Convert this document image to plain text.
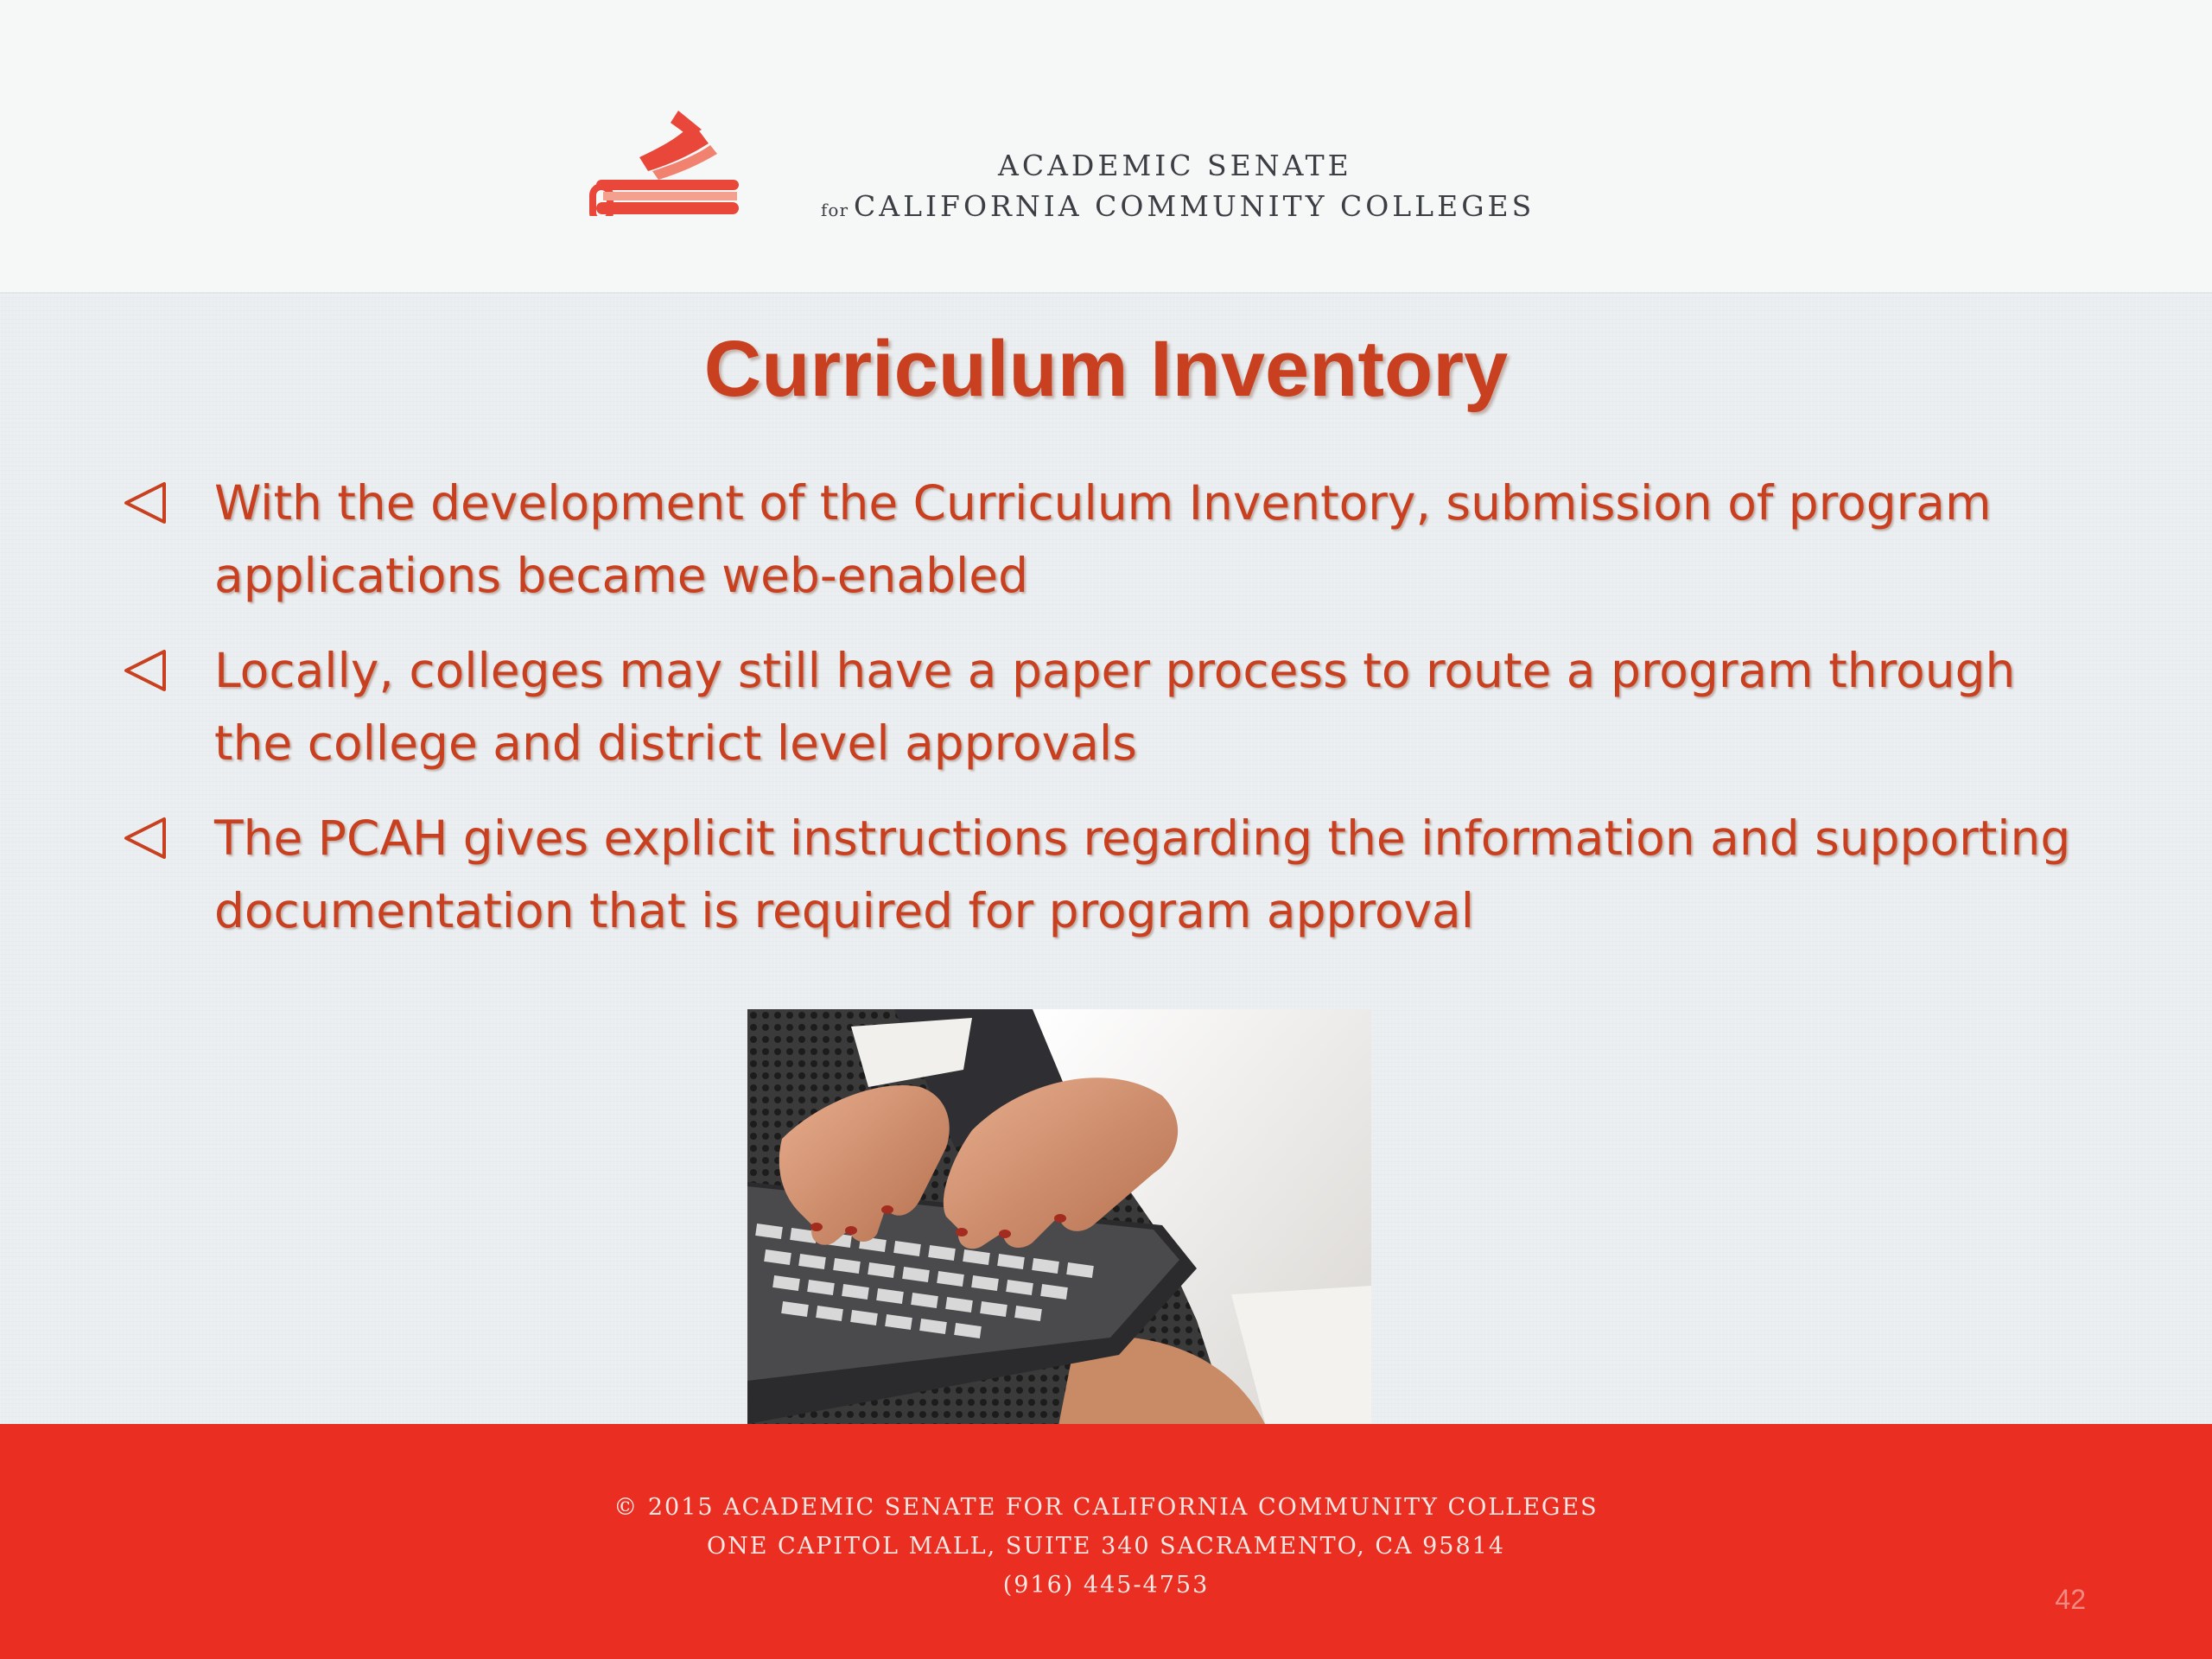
ACADEMIC SENATE
for CALIFORNIA COMMUNITY COLLEGES
Curriculum Inventory
With the development of the Curriculum Inventory, submission of program applications became web-enabled
Locally, colleges may still have a paper process to route a program through the college and district level approvals
The PCAH gives explicit instructions regarding the information and supporting documentation that is required for program approval
© 2015 ACADEMIC SENATE FOR CALIFORNIA COMMUNITY COLLEGES
ONE CAPITOL MALL, SUITE 340 SACRAMENTO, CA 95814
(916) 445-4753	42
